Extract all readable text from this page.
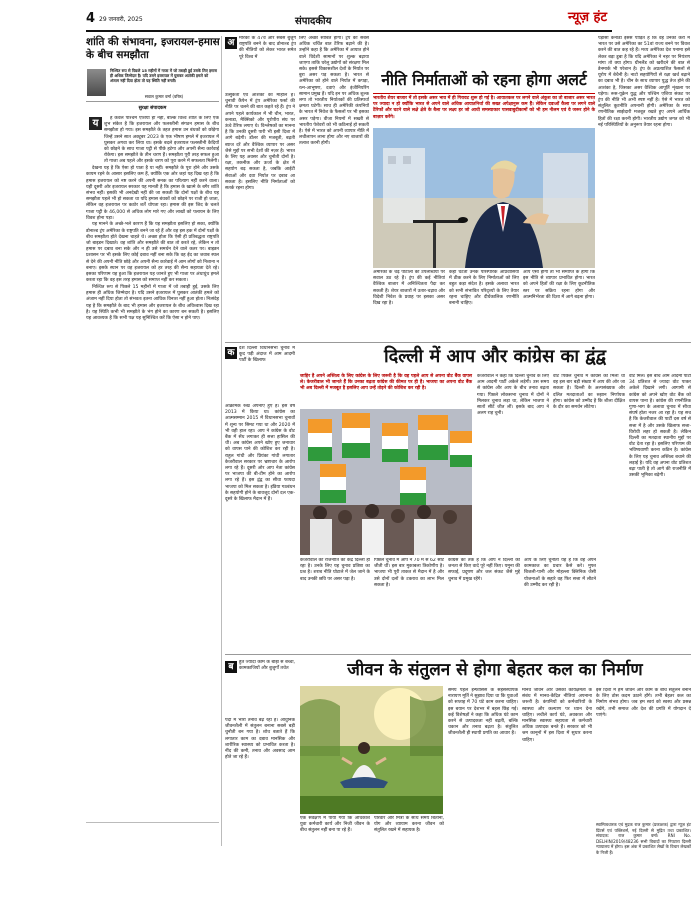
4 29 जनवरी, 2025	संपादकीय	न्यूज़ हंट
शांति की संभावना, इजरायल-हमास के बीच समझौता
निश्चित रूप से पिछले 15 महीनों में गाजा में जो तबाही हुई उसके लिए हमास ही अधिक जिम्मेदार है। यदि उसने इजरायल में घुसकर आतंकी हमले को अंजाम नहीं दिया होता तो यह स्थिति नहीं बनती।
सवाल कुमार वर्मा (वरिष्ठ)
सुरक्षा संपादकम

ह केवल पश्चिम एशिया ही नहीं, बल्कि विश्व शांति के लिए एक शुभ संकेत है कि इजरायल और फलस्तीनी संगठन हमास के बीच समझौता हो गया। इस समझौते के तहत हमास उन बंधकों को छोड़ेगा जिन्हें उसने सात अक्टूबर 2023 के एक भीषण हमले में इजरायल में घुसकर अगवा कर लिया था। इसके बदले इजरायल फलस्तीनी कैदियों को छोड़ने के साथ गाजा पट्टी से पीछे हटेगा और अपनी सैन्य कार्रवाई रोकेगा। इस समझौते के तीन चरण हैं। समझौता पूरी तरह सफल हुआ तो गाजा अब पहले और इसके चरण को पूरा करने में सफलता मिलेगी।

देखना यह है कि ऐसा हो पाता है या नहीं। समझौते के पूरा होने और उसके कायम रहने के आसार इसलिए कम हैं, क्योंकि एक ओर जहां यह दिख रहा है कि हमास इजरायल को नष्ट करने की अपनी सनक का परित्याग नहीं करने वाला। यही दूसरी ओर इजरायल सरकार यह मानती है कि हमास के खात्मे के बगैर शांति संभव नहीं। इसकी भी अनदेखी नहीं की जा सकती कि दोनों पक्षों के बीच यह समझौता पहले भी हो सकता था यदि हमास बंधकों को छोड़ने पर राजी हो जाता, लेकिन वह इजरायल पर कठोर शर्तें थोपता रहा। हमास की इस जिद के चलते गाजा पट्टी के 46,000 से अधिक लोग मारे गए और लाखों को पलायन के लिए विवश होना पड़ा।

यह मानने के अच्छे-भले कारण हैं कि यह समझौता इसलिए हो सका, क्योंकि डोनाल्ड ट्रंप अमेरिका के राष्ट्रपति बनने जा रहे हैं और वह इस हक में दोनों पक्षों के बीच समझौता होते देखना चाहते थे। अच्छा होता कि ऐसी ही प्रतिबद्धता राष्ट्रपति जो बाइडन दिखाते। वह शांति और समझौते की बात तो करते रहे, लेकिन न तो हमास पर दबाव बना सके और न ही उसे समर्थन देने वाले कतर पर। बाइडन प्रशासन पर भी इसके लिए कोई दबाव नहीं बना सके कि वह ईद का जवाब स्थल से देने की अपनी नीति छोड़े और अपनी सैन्य कार्रवाई में आम लोगों को निशाना न बनाए। इसके स्थान पर वह इजरायल को हर तरह की सैन्य सहायता देते रहे। इसका परिणाम यह हुआ कि इजरायल यह जानते हुए भी गाजा पर अंधाधुंध हमले करता रहा कि वह इस तरह हमास को समाप्त नहीं कर सकता।

निश्चित रूप से पिछले 15 महीनों में गाजा में जो तबाही हुई, उसके लिए हमास ही अधिक जिम्मेदार है। यदि उसने इजरायल में घुसकर आतंकी हमले को अंजाम नहीं दिया होता तो संभवतः इतना आधिक विनाश नहीं हुआ होता। निःसंदेह यह है कि समझौते के बाद भी हमास और इजरायल के बीच अविश्वास दिख रहा है। यह स्थिति कभी भी समझौते के भंग होने का कारण बन सकती है। इसलिए यह आवश्यक है कि सभी पक्ष यह सुनिश्चित करें कि ऐसा न होने पाए।

य
अ मेरिका के 47वें और सबसे बुजुर्ग राष्ट्रपति बनने के बाद डोनाल्ड ट्रंप की नीतियों को लेकर भारत समेत पूरे विश्व में
उत्सुकता एवं आशंका का माहौल है। चुनावी कैंपेन में ट्रंप अमेरिका फर्स्ट की नीति पर चलने की बात कहते रहे हैं। ट्रंप ने अपने पहले कार्यकाल में भी चीन, भारत, कनाडा, मैक्सिको और यूरोपीय संघ पर ऊंचे टैरिफ लगाए थे। विश्लेषकों का मानना है कि उनकी दूसरी पारी भी इसी दिशा में आगे बढ़ेगी। डॉलर की मजबूती, बढ़ती ब्याज दरें और वैश्विक व्यापार पर असर जैसे मुद्दों पर सभी देशों की नज़र है। भारत के लिए यह अवसर और चुनौती दोनों है। रक्षा, तकनीक और ऊर्जा के क्षेत्र में सहयोग बढ़ सकता है, जबकि आईटी सेवाओं और दवा निर्यात पर दबाव आ सकता है। इसलिए नीति निर्माताओं को सतर्क रहना होगा।
लिए अच्छा साबित होगा। ट्रंप की सबसे अधिक चर्चित बात टैरिफ बढ़ाने की है। उन्होंने कहा है कि अमेरिका में आयात होने वाले विदेशी सामानों पर शुल्क बढ़ाया जाएगा ताकि घरेलू उद्योगों को संरक्षण मिल सके। इससे विकासशील देशों के निर्यात पर बुरा असर पड़ सकता है। भारत से अमेरिका को होने वाले निर्यात में कपड़ा, रत्न-आभूषण, दवाएं और इंजीनियरिंग सामान प्रमुख हैं। यदि इन पर अधिक शुल्क लगा तो भारतीय निर्यातकों की प्रतिस्पर्धा क्षमता घटेगी। साथ ही अमेरिकी कंपनियों के भारत में निवेश के फैसलों पर भी इसका असर पड़ेगा। वीजा नियमों में सख्ती से भारतीय पेशेवरों को भी कठिनाई हो सकती है। ऐसे में भारत को अपनी व्यापार नीति में लचीलापन लाना होगा और नए बाजारों की तलाश करनी होगी।
नीति निर्माताओं को रहना होगा अलर्ट
भारतीय शेयर बाजार में तो इसके असर भाव में ही गिरावट शुरू हो गई है। आयातकल पर लगने वाले अंकुश का तो बाजार असर भारत पर ज्यादा न हो क्योंकि भारत से अपने वाले अधिक आयातनिर्धा की सख्त अपेक्षानुरू कम हैं। लेकिन दवाओं कैला पर लगने वाले टैरिफों और घटने वाले लक्षे क्षेत्रे के बैला पर लक्ष्य हर जो आधी समस्याकार पासवाबुदीकामों को भी हम नीलम एवं वे जरूर होने के बाज़ार करेंगे।
अमेरिका के चढ़ पोटाला की उपलब्धियों पर सवाल उठ रहे हैं। ट्रंप की कई नीतियां वैश्विक बाजार में अनिश्चितता पैदा कर सकती हैं। शेयर बाजारों में उतार-चढ़ाव और विदेशी निवेश के प्रवाह पर इसका असर दिख रहा है।
कहीं घटती उनके पारस्परिक आप्रवासियों में ठीक करने के लिए निर्माताओं को लिए बहुत कड़ा संदेश है। इसके अलावा भारत को सभी संभावित परिदृश्यों के लिए तैयार रहना चाहिए और दीर्घकालिक रणनीति बनानी चाहिए।
आप ऐसा होगा तो भी समाप्ति के होगा कि इस नीति से व्यापार प्रभावित होगा। भारत को अपने हितों की रक्षा के लिए कूटनीतिक स्तर पर सक्रिय रहना होगा और आत्मनिर्भरता की दिशा में आगे बढ़ना होगा।
पड़ोसी कनाडा इससे पीड़ित है कि वह उनको करों में भारत पर उसे अमेरिका का 51वां राज्य बनने पर विवश करने की बात कह रहे हैं। मध्य अमेरिका देश पनामा इसे लेकर बड़ा डूबा है कि यदि अमेरिका ने नहर पर नियंत्रण मांगा तो क्या होगा। ग्रीनलैंड को खरीदने की बात से डेनमार्क भी परेशान है। ट्रंप के अप्रत्याशित फैसलों से यूरोप में बेचैनी है। नाटो सहयोगियों से रक्षा खर्च बढ़ाने का दबाव भी है। चीन के साथ व्यापार युद्ध तेज होने की आशंका है, जिसका असर वैश्विक आपूर्ति शृंखला पर पड़ेगा। रूस-यूक्रेन युद्ध और पश्चिम एशिया संकट पर ट्रंप की नीति भी अभी स्पष्ट नहीं है। ऐसे में भारत को संतुलित कूटनीति अपनानी होगी। अमेरिका के साथ रणनीतिक साझेदारी मजबूत रखते हुए अपने आर्थिक हितों की रक्षा करनी होगी। भारतीय उद्योग जगत को भी नई परिस्थितियों के अनुरूप तैयार रहना होगा।
क देश दिल्ली विधानसभा चुनाव में कूद पड़ी अंदाज में आम आदमी पार्टी के खिलाफ
आक्रामक रुख अपनाए हुए है। इस वर्ष 2013 में किया था। कांग्रेस का आत्मसम्मान 2015 में विधानसभा चुनावों में शून्य पर सिमट गया था और 2020 में भी वही हाल रहा। आप ने कांग्रेस के वोट बैंक में सेंध लगाकर ही सत्ता हासिल की थी। अब कांग्रेस अपने खोए हुए जनाधार को वापस पाने की कोशिश कर रही है। राहुल गांधी और प्रियंका गांधी लगातार केजरीवाल सरकार पर भ्रष्टाचार के आरोप लगा रहे हैं। दूसरी ओर आप नेता कांग्रेस पर भाजपा की बी-टीम होने का आरोप लगा रहे हैं। इस द्वंद्व का सीधा फायदा भाजपा को मिल सकता है। इंडिया गठबंधन के सहयोगी होने के बावजूद दोनों दल एक-दूसरे के खिलाफ मैदान में हैं।
दिल्ली में आप और कांग्रेस का द्वंद्व
जाहिर है अपने अस्तित्व के लिए कांग्रेस के लिए जरूरी है कि वह पहले आप से अपना वोट बैंक वापस ले। केजरीवाल भी जानते हैं कि उनका बढ़ता कांग्रेस की कीमत पर ही है। भाजपा का अपना वोट बैंक भी अब दिल्ली में मजबूत है इसलिए आप उन्हें तोड़ने की कोशिश कर रही है।
केजरीवाल ने कहा कि दिल्ली चुनाव के लिए आम आदमी पार्टी अकेले लड़ेगी। उस समय से कांग्रेस और आप के बीच तनाव बढ़ता गया। पिछले लोकसभा चुनाव में दोनों ने मिलकर चुनाव लड़ा था, लेकिन भाजपा ने सातों सीटें जीत लीं। इसके बाद आप ने अलग राह चुनी।
वोट पिछले चुनाव में कांग्रेस को मिला था वह इस बार बड़ी संख्या में आप की ओर जा सकता है। दिल्ली के अल्पसंख्यक और दलित मतदाताओं का रुझान निर्णायक होगा। कांग्रेस को उम्मीद है कि शीला दीक्षित के दौर का समर्थन लौटेगा।
केजरीवाल की राजनीति का केंद्र दिल्ली ही रहा है। उनके लिए यह चुनाव प्रतिष्ठा का प्रश्न है। शराब नीति घोटाले में जेल जाने के बाद उनकी छवि पर असर पड़ा है।
पिछले चुनाव में आप ने 70 में से 62 सीटें जीती थीं। इस बार मुकाबला त्रिकोणीय है। भाजपा भी पूरी ताकत से मैदान में है और उसे दोनों दलों के टकराव का लाभ मिल सकता है।
कांग्रेस का तर्क है कि आप ने दिल्ली की जनता से किए वादे पूरे नहीं किए। यमुना की सफाई, प्रदूषण और जल संकट जैसे मुद्दे चुनाव में प्रमुख रहेंगे।
आप के लिए चुनौती यह है कि वह अपने कामकाज का प्रचार कैसे करे। मुफ्त बिजली-पानी और मोहल्ला क्लिनिक जैसी योजनाओं के सहारे वह फिर सत्ता में लौटने की उम्मीद कर रही है।
वोट मिले। इस बीच आम आदमी पार्टी 34 प्रतिशत से ज्यादा वोट पाकर अकेले दिखाने लगी। आगामी से कांग्रेस को अपने खोए वोट बैंक को वापस पाना है। कांग्रेस की रणनीतिक गुणा-भाग के अलावा चुनाव में सीधा संघर्ष होता नजर आ रहा है। यह सच है कि केजरीवाल की पार्टी दस वर्ष से सत्ता में है और उसके खिलाफ सत्ता-विरोधी लहर हो सकती है। लेकिन दिल्ली का मतदाता स्थानीय मुद्दों पर वोट देता रहा है। इसलिए परिणाम की भविष्यवाणी करना कठिन है। कांग्रेस के लिए यह चुनाव अस्तित्व बचाने की लड़ाई है। यदि वह अपना वोट प्रतिशत बढ़ा पाती है तो आगे की राजनीति में उसकी भूमिका बढ़ेगी।
ब	हुत ज्यादा काम के बोझ से बच्चों, कामकाजियों और बुजुर्गों तथेत
पदों में भारी तनाव बढ़ रहा है। आधुनिक जीवनशैली में संतुलन बनाना सबसे बड़ी चुनौती बन गया है। शोध बताते हैं कि लगातार काम का दबाव मानसिक और शारीरिक स्वास्थ्य को प्रभावित करता है। नींद की कमी, तनाव और अवसाद आम होते जा रहे हैं।
जीवन के संतुलन से होगा बेहतर कल का निर्माण
एक सर्वेक्षण में पाया गया कि अधिकांश युवा कर्मचारी कार्य और निजी जीवन के बीच संतुलन नहीं बना पा रहे हैं।
परिवार और मित्रों के साथ समय बिताना, योग और व्यायाम करना जीवन को संतुलित रखने में सहायक है।
समय पहले इन्फोसिस के सहसंस्थापक नारायण मूर्ति ने सुझाव दिया था कि युवाओं को सप्ताह में 70 घंटे काम करना चाहिए। इस बयान पर देशभर में बहस छिड़ गई। कई विशेषज्ञों ने कहा कि अधिक घंटे काम करने से उत्पादकता नहीं बढ़ती, बल्कि थकान और तनाव बढ़ता है। संतुलित जीवनशैली ही स्थायी प्रगति का आधार है।
मानव जीवन और उसकी कार्यक्षमता के संबंध में मानव-केंद्रित नीतियां अपनाना जरूरी है। कंपनियों को कर्मचारियों के स्वास्थ्य और कल्याण पर ध्यान देना चाहिए। लचीले कार्य घंटे, अवकाश और मानसिक स्वास्थ्य सहायता से कर्मचारी अधिक उत्पादक बनते हैं। सरकार को भी श्रम कानूनों में इस दिशा में सुधार करना चाहिए।
इस दिशा में हमें जीवन और काम के बीच संतुलन बनाने के लिए ठोस कदम उठाने होंगे। तभी बेहतर कल का निर्माण संभव होगा। जब हम स्वयं को स्वस्थ और प्रसन्न रखेंगे, तभी समाज और देश की प्रगति में योगदान दे पाएंगे।
स्वामित्वधारक एवं मुद्रक राज कुमार (प्रकाशक) द्वारा न्यूज़ हंट प्रिंटर्स एवं पब्लिशर्स, नई दिल्ली से मुद्रित तथा प्रकाशित। संपादक: राज कुमार वर्मा। RNI No. DELHIN/2019/48236 सभी विवादों का निपटारा दिल्ली न्यायालय में होगा। इस अंक में प्रकाशित लेखों के विचार लेखकों के निजी हैं।
